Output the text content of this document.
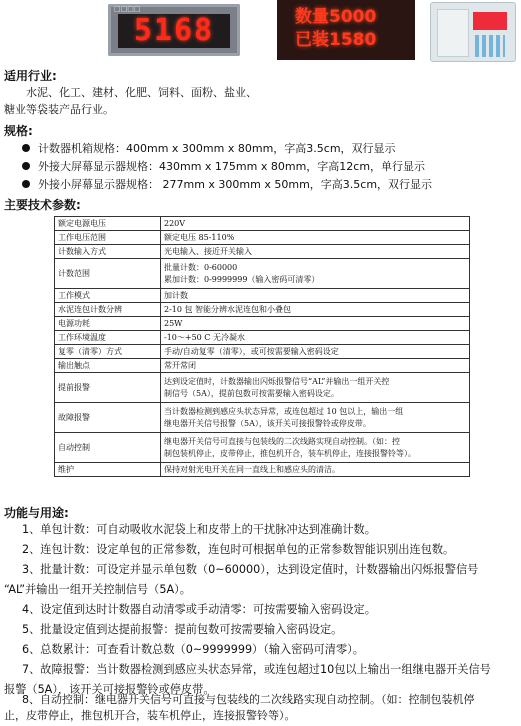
□□□□
5168	数量5000
已装1580
适用行业:
水泥、化工、建材、化肥、饲料、面粉、盐业、
糖业等袋装产品行业。
规格:
计数器机箱规格：400mm x 300mm x 80mm，字高3.5cm，双行显示
外接大屏幕显示器规格：430mm x 175mm x 80mm，字高12cm，单行显示
外接小屏幕显示器规格： 277mm x 300mm x 50mm，字高3.5cm，双行显示
主要技术参数:
额定电源电压	220V
工作电压范围	额定电压 85-110%
计数输入方式	光电输入、接近开关输入
计数范围	批量计数：0-60000
累加计数：0-9999999（输入密码可清零）

工作模式	加计数
水泥连包计数分辨	2-10 包 智能分辨水泥连包和小叠包
电源功耗	25W
工作环境温度	-10～+50 C 无冷凝水
复零（清零）方式	手动/自动复零（清零），或可按需要输入密码设定
输出触点	常开常闭
提前报警	达到设定值时，计数器输出闪烁报警信号“AL”并输出一组开关控
制信号（5A），提前包数可按需要输入密码设定。

故障报警	当计数器检测到感应头状态异常，或连包超过 10 包以上，输出一组
继电器开关信号报警（5A），该开关可接报警铃或停皮带。

自动控制	继电器开关信号可直接与包装线的二次线路实现自动控制。（如：控
制包装机停止，皮带停止，推包机开合，装车机停止，连接报警铃等）。

维护	保持对射光电开关在同一直线上和感应头的清洁。
功能与用途:
1、单包计数：可自动吸收水泥袋上和皮带上的干扰脉冲达到准确计数。
2、连包计数：设定单包的正常参数，连包时可根据单包的正常参数智能识别出连包数。
3、批量计数：可设定并显示单包数（0~60000），达到设定值时，计数器输出闪烁报警信号
“AL”并输出一组开关控制信号（5A）。
4、设定值到达时计数器自动清零或手动清零：可按需要输入密码设定。
5、批量设定值到达提前报警：提前包数可按需要输入密码设定。
6、总数累计：可查看计数总数（0~9999999）（输入密码可清零）。
7、故障报警：当计数器检测到感应头状态异常，或连包超过10包以上输出一组继电器开关信号
报警（5A），该开关可接报警铃或停皮带。
8、自动控制：继电器开关信号可直接与包装线的二次线路实现自动控制。（如：控制包装机停
止，皮带停止，推包机开合，装车机停止，连接报警铃等）。
